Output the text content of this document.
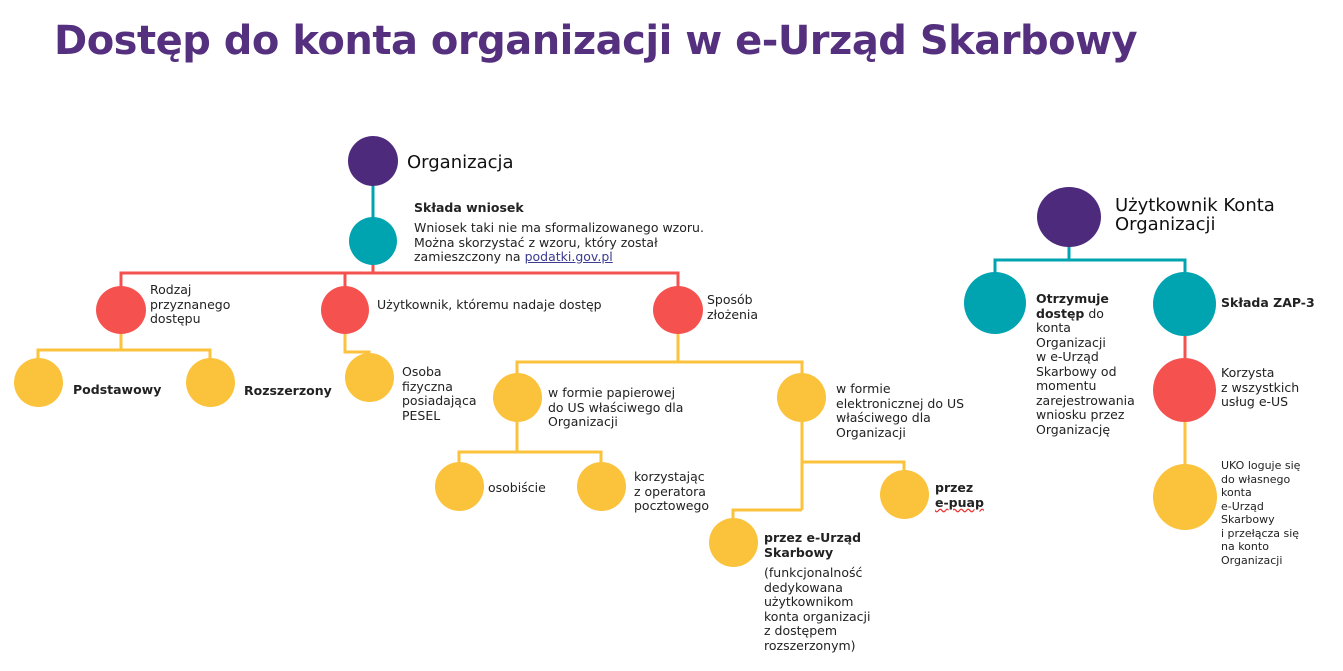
Dostęp do konta organizacji w e-Urząd Skarbowy
Organizacja
Składa wniosek
Wniosek taki nie ma sformalizowanego wzoru.
Można skorzystać z wzoru, który został
zamieszczony na podatki.gov.pl
Rodzaj
przyznanego
dostępu
Podstawowy	Rozszerzony
Użytkownik, któremu nadaje dostęp
Osoba
fizyczna
posiadająca
PESEL
Sposób
złożenia
w formie papierowej
do US właściwego dla
Organizacji
osobiście
korzystając
z operatora
pocztowego
w formie
elektronicznej do US
właściwego dla
Organizacji
przez
e-puap
przez e-Urząd
Skarbowy
(funkcjonalność
dedykowana
użytkownikom
konta organizacji
z dostępem
rozszerzonym)
Użytkownik Konta
Organizacji
Otrzymuje
dostęp do
konta
Organizacji
w e-Urząd
Skarbowy od
momentu
zarejestrowania
wniosku przez
Organizację
Składa ZAP-3
Korzysta
z wszystkich
usług e-US
UKO loguje się
do własnego
konta
e-Urząd
Skarbowy
i przełącza się
na konto
Organizacji
